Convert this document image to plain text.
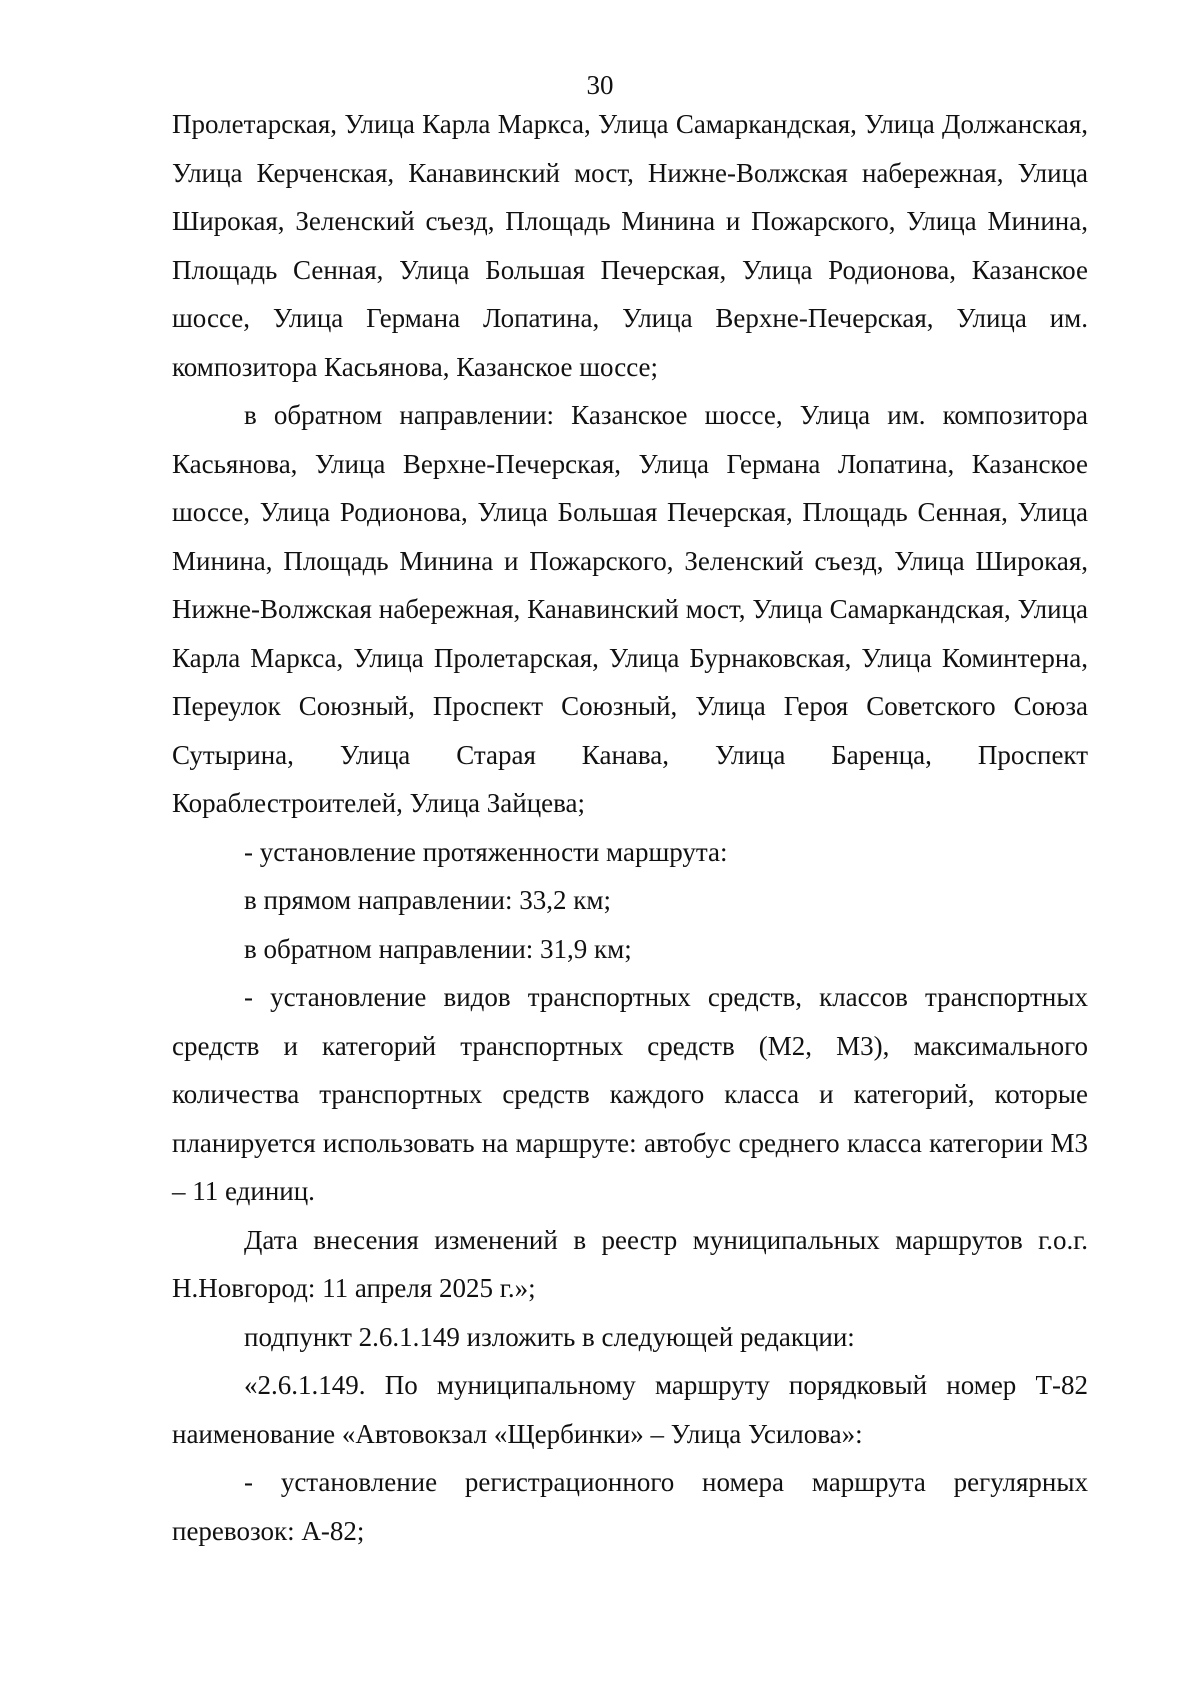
30

Пролетарская, Улица Карла Маркса, Улица Самаркандская, Улица Должанская, Улица Керченская, Канавинский мост, Нижне-Волжская набережная, Улица Широкая, Зеленский съезд, Площадь Минина и Пожарского, Улица Минина, Площадь Сенная, Улица Большая Печерская, Улица Родионова, Казанское шоссе, Улица Германа Лопатина, Улица Верхне-Печерская, Улица им. композитора Касьянова, Казанское шоссе;

в обратном направлении: Казанское шоссе, Улица им. композитора Касьянова, Улица Верхне-Печерская, Улица Германа Лопатина, Казанское шоссе, Улица Родионова, Улица Большая Печерская, Площадь Сенная, Улица Минина, Площадь Минина и Пожарского, Зеленский съезд, Улица Широкая, Нижне-Волжская набережная, Канавинский мост, Улица Самаркандская, Улица Карла Маркса, Улица Пролетарская, Улица Бурнаковская, Улица Коминтерна, Переулок Союзный, Проспект Союзный, Улица Героя Советского Союза Сутырина, Улица Старая Канава, Улица Баренца, Проспект Кораблестроителей, Улица Зайцева;

- установление протяженности маршрута:

в прямом направлении: 33,2 км;

в обратном направлении: 31,9 км;

- установление видов транспортных средств, классов транспортных средств и категорий транспортных средств (М2, М3), максимального количества транспортных средств каждого класса и категорий, которые планируется использовать на маршруте: автобус среднего класса категории М3 – 11 единиц.

Дата внесения изменений в реестр муниципальных маршрутов г.о.г. Н.Новгород: 11 апреля 2025 г.»;

подпункт 2.6.1.149 изложить в следующей редакции:

«2.6.1.149. По муниципальному маршруту порядковый номер Т-82 наименование «Автовокзал «Щербинки» – Улица Усилова»:

- установление регистрационного номера маршрута регулярных перевозок: А-82;
